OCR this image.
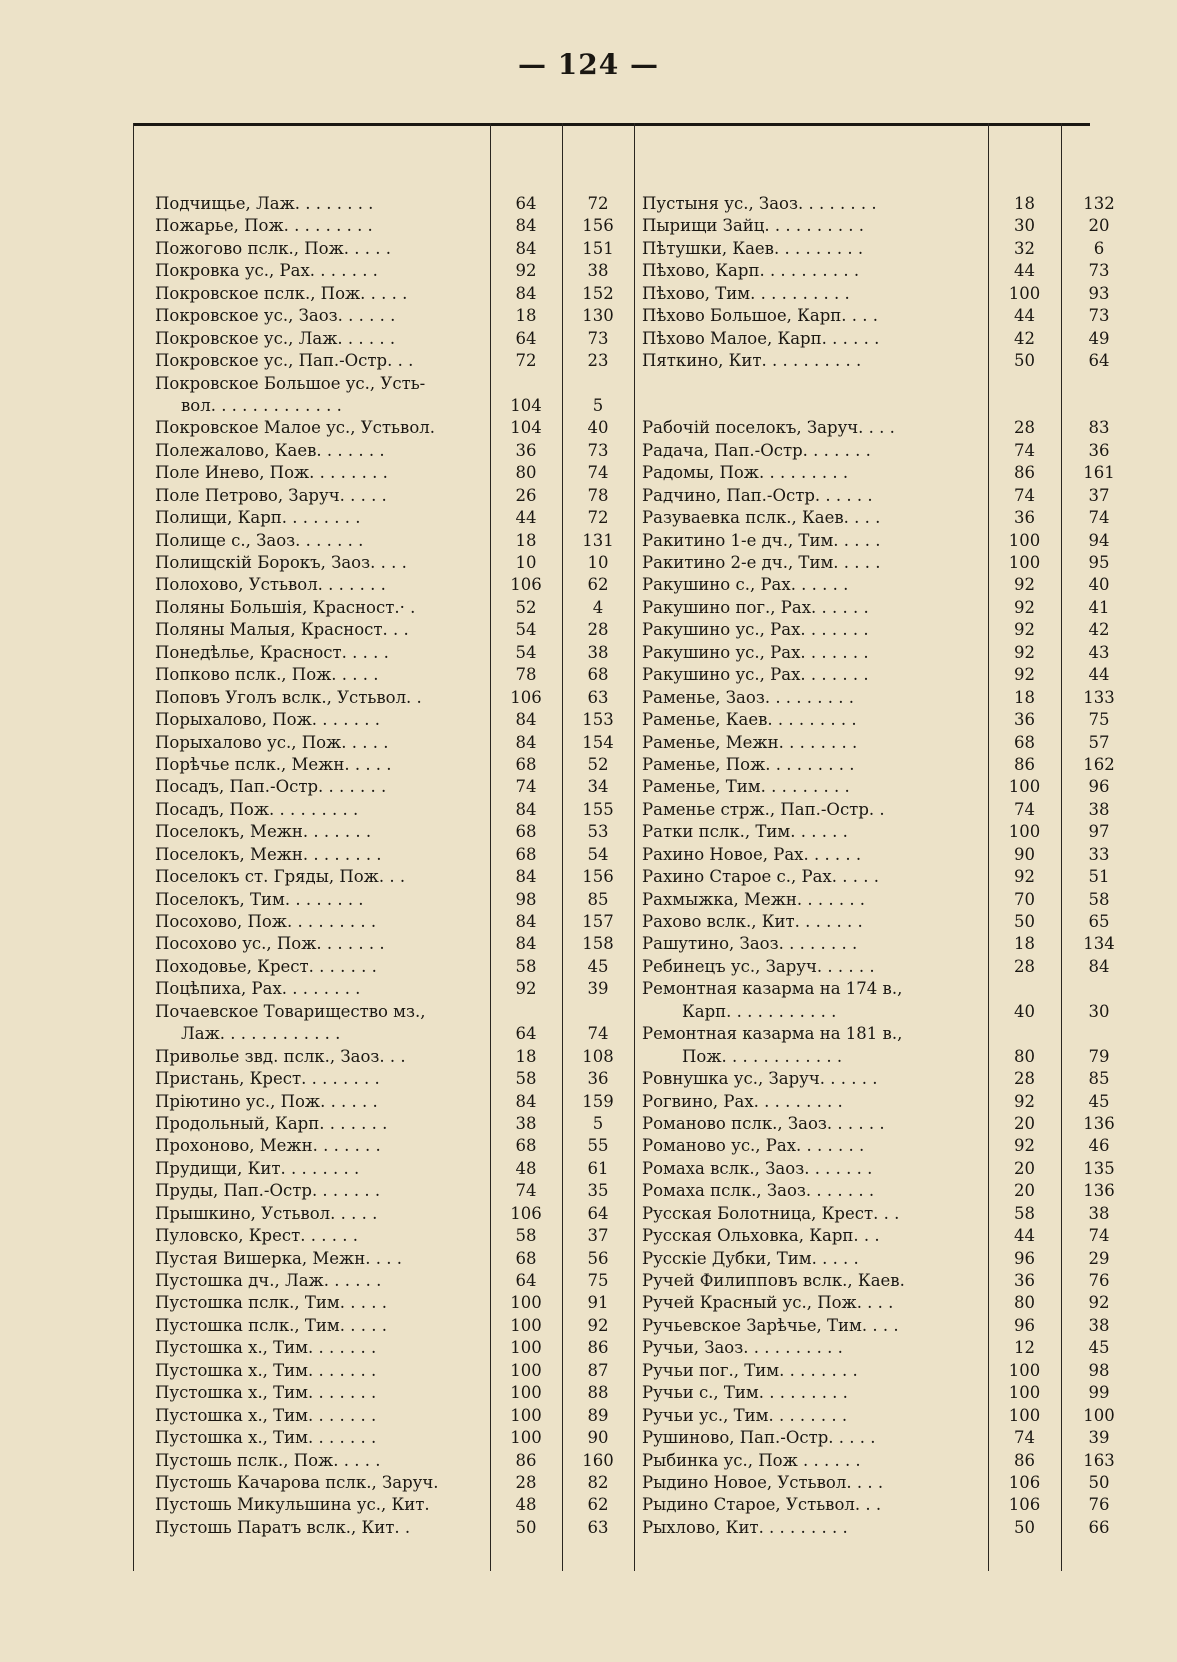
— 124 —
Подчищье, Лаж. . . . . . . .
Пожарье, Пож. . . . . . . . .
Пожогово пслк., Пож. . . . .
Покровка ус., Рах. . . . . . .
Покровское пслк., Пож. . . . .
Покровское ус., Заоз. . . . . .
Покровское ус., Лаж. . . . . .
Покровское ус., Пап.-Остр. . .
Покровское Большое ус., Усть-
вол. . . . . . . . . . . . .
Покровское Малое ус., Устьвол.
Полежалово, Каев. . . . . . .
Поле Инево, Пож. . . . . . . .
Поле Петрово, Заруч. . . . .
Полищи, Карп. . . . . . . .
Полище с., Заоз. . . . . . .
Полищскій Борокъ, Заоз. . . .
Полохово, Устьвол. . . . . . .
Поляны Большія, Красност.· .
Поляны Малыя, Красност. . .
Понедѣлье, Красност. . . . .
Попково пслк., Пож. . . . .
Поповъ Уголъ вслк., Устьвол. .
Порыхалово, Пож. . . . . . .
Порыхалово ус., Пож. . . . .
Порѣчье пслк., Межн. . . . .
Посадъ, Пап.-Остр. . . . . . .
Посадъ, Пож. . . . . . . . .
Поселокъ, Межн. . . . . . .
Поселокъ, Межн. . . . . . . .
Поселокъ ст. Гряды, Пож. . .
Поселокъ, Тим. . . . . . . .
Посохово, Пож. . . . . . . . .
Посохово ус., Пож. . . . . . .
Походовье, Крест. . . . . . .
Поцѣпиха, Рах. . . . . . . .
Почаевское Товарищество мз.,
Лаж. . . . . . . . . . . .
Приволье звд. пслк., Заоз. . .
Пристань, Крест. . . . . . . .
Пріютино ус., Пож. . . . . .
Продольный, Карп. . . . . . .
Прохоново, Межн. . . . . . .
Прудищи, Кит. . . . . . . .
Пруды, Пап.-Остр. . . . . . .
Прышкино, Устьвол. . . . .
Пуловско, Крест. . . . . .
Пустая Вишерка, Межн. . . .
Пустошка дч., Лаж. . . . . .
Пустошка пслк., Тим. . . . .
Пустошка пслк., Тим. . . . .
Пустошка х., Тим. . . . . . .
Пустошка х., Тим. . . . . . .
Пустошка х., Тим. . . . . . .
Пустошка х., Тим. . . . . . .
Пустошка х., Тим. . . . . . .
Пустошь пслк., Пож. . . . .
Пустошь Качарова пслк., Заруч.
Пустошь Микульшина ус., Кит.
Пустошь Паратъ вслк., Кит. .
64
84
84
92
84
18
64
72
104
104
36
80
26
44
18
10
106
52
54
54
78
106
84
84
68
74
84
68
68
84
98
84
84
58
92
64
18
58
84
38
68
48
74
106
58
68
64
100
100
100
100
100
100
100
86
28
48
50
72
156
151
38
152
130
73
23
5
40
73
74
78
72
131
10
62
4
28
38
68
63
153
154
52
34
155
53
54
156
85
157
158
45
39
74
108
36
159
5
55
61
35
64
37
56
75
91
92
86
87
88
89
90
160
82
62
63
Пустыня ус., Заоз. . . . . . . .
Пырищи Зайц. . . . . . . . . .
Пѣтушки, Каев. . . . . . . . .
Пѣхово, Карп. . . . . . . . . .
Пѣхово, Тим. . . . . . . . . .
Пѣхово Большое, Карп. . . .
Пѣхово Малое, Карп. . . . . .
Пяткино, Кит. . . . . . . . . .
Рабочій поселокъ, Заруч. . . .
Радача, Пап.-Остр. . . . . . .
Радомы, Пож. . . . . . . . .
Радчино, Пап.-Остр. . . . . .
Разуваевка пслк., Каев. . . .
Ракитино 1-е дч., Тим. . . . .
Ракитино 2-е дч., Тим. . . . .
Ракушино с., Рах. . . . . .
Ракушино пог., Рах. . . . . .
Ракушино ус., Рах. . . . . . .
Ракушино ус., Рах. . . . . . .
Ракушино ус., Рах. . . . . . .
Раменье, Заоз. . . . . . . . .
Раменье, Каев. . . . . . . . .
Раменье, Межн. . . . . . . .
Раменье, Пож. . . . . . . . .
Раменье, Тим. . . . . . . . .
Раменье стрж., Пап.-Остр. .
Ратки пслк., Тим. . . . . .
Рахино Новое, Рах. . . . . .
Рахино Старое с., Рах. . . . .
Рахмыжка, Межн. . . . . . .
Рахово вслк., Кит. . . . . . .
Рашутино, Заоз. . . . . . . .
Ребинецъ ус., Заруч. . . . . .
Ремонтная казарма на 174 в.,
Карп. . . . . . . . . . .
Ремонтная казарма на 181 в.,
Пож. . . . . . . . . . . .
Ровнушка ус., Заруч. . . . . .
Рогвино, Рах. . . . . . . . .
Романово пслк., Заоз. . . . . .
Романово ус., Рах. . . . . . .
Ромаха вслк., Заоз. . . . . . .
Ромаха пслк., Заоз. . . . . . .
Русская Болотница, Крест. . .
Русская Ольховка, Карп. . .
Русскіе Дубки, Тим. . . . .
Ручей Филипповъ вслк., Каев.
Ручей Красный ус., Пож. . . .
Ручьевское Зарѣчье, Тим. . . .
Ручьи, Заоз. . . . . . . . . .
Ручьи пог., Тим. . . . . . . .
Ручьи с., Тим. . . . . . . . .
Ручьи ус., Тим. . . . . . . .
Рушиново, Пап.-Остр. . . . .
Рыбинка ус., Пож . . . . . .
Рыдино Новое, Устьвол. . . .
Рыдино Старое, Устьвол. . .
Рыхлово, Кит. . . . . . . . .
18
30
32
44
100
44
42
50
28
74
86
74
36
100
100
92
92
92
92
92
18
36
68
86
100
74
100
90
92
70
50
18
28
40
80
28
92
20
92
20
20
58
44
96
36
80
96
12
100
100
100
74
86
106
106
50
132
20
6
73
93
73
49
64
83
36
161
37
74
94
95
40
41
42
43
44
133
75
57
162
96
38
97
33
51
58
65
134
84
30
79
85
45
136
46
135
136
38
74
29
76
92
38
45
98
99
100
39
163
50
76
66
